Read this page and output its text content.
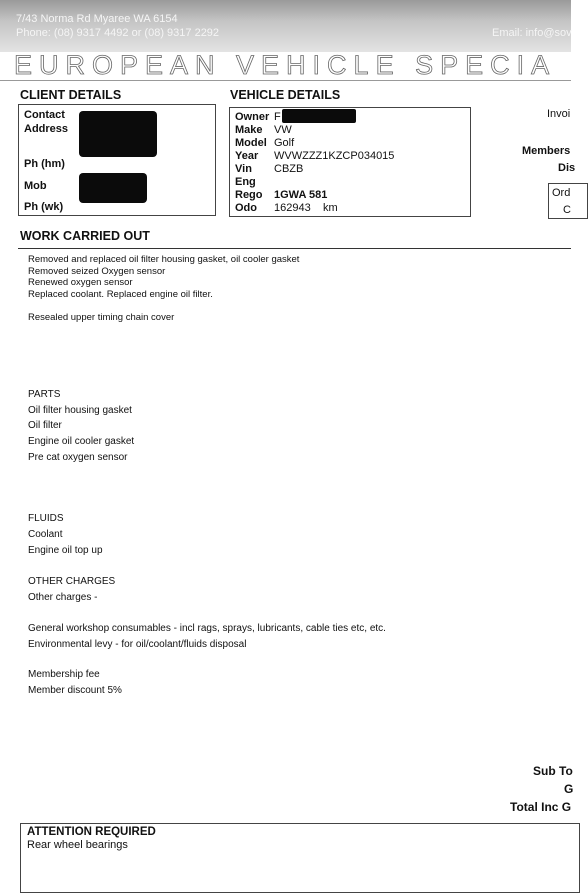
7/43 Norma Rd Myaree WA 6154
Phone: (08) 9317 4492 or (08) 9317 2292	Email: info@sov
EUROPEAN VEHICLE SPECIA
CLIENT DETAILS
Contact
Address
Ph (hm)
Mob
Ph (wk)
VEHICLE DETAILS
Owner F
Make VW
Model Golf
Year WVWZZZ1KZCP034015
Vin CBZB
Eng
Rego 1GWA 581
Odo 162943 km
Invoi
Members
Dis
Ord
C
WORK CARRIED OUT
Removed and replaced oil filter housing gasket, oil cooler gasket
Removed seized Oxygen sensor
Renewed oxygen sensor
Replaced coolant. Replaced engine oil filter.
Resealed upper timing chain cover
PARTS
Oil filter housing gasket
Oil filter
Engine oil cooler gasket
Pre cat oxygen sensor
FLUIDS
Coolant
Engine oil top up
OTHER CHARGES
Other charges -
General workshop consumables - incl rags, sprays, lubricants, cable ties etc, etc.
Environmental levy - for oil/coolant/fluids disposal
Membership fee
Member discount 5%
Sub To
G
Total Inc G
ATTENTION REQUIRED
Rear wheel bearings
